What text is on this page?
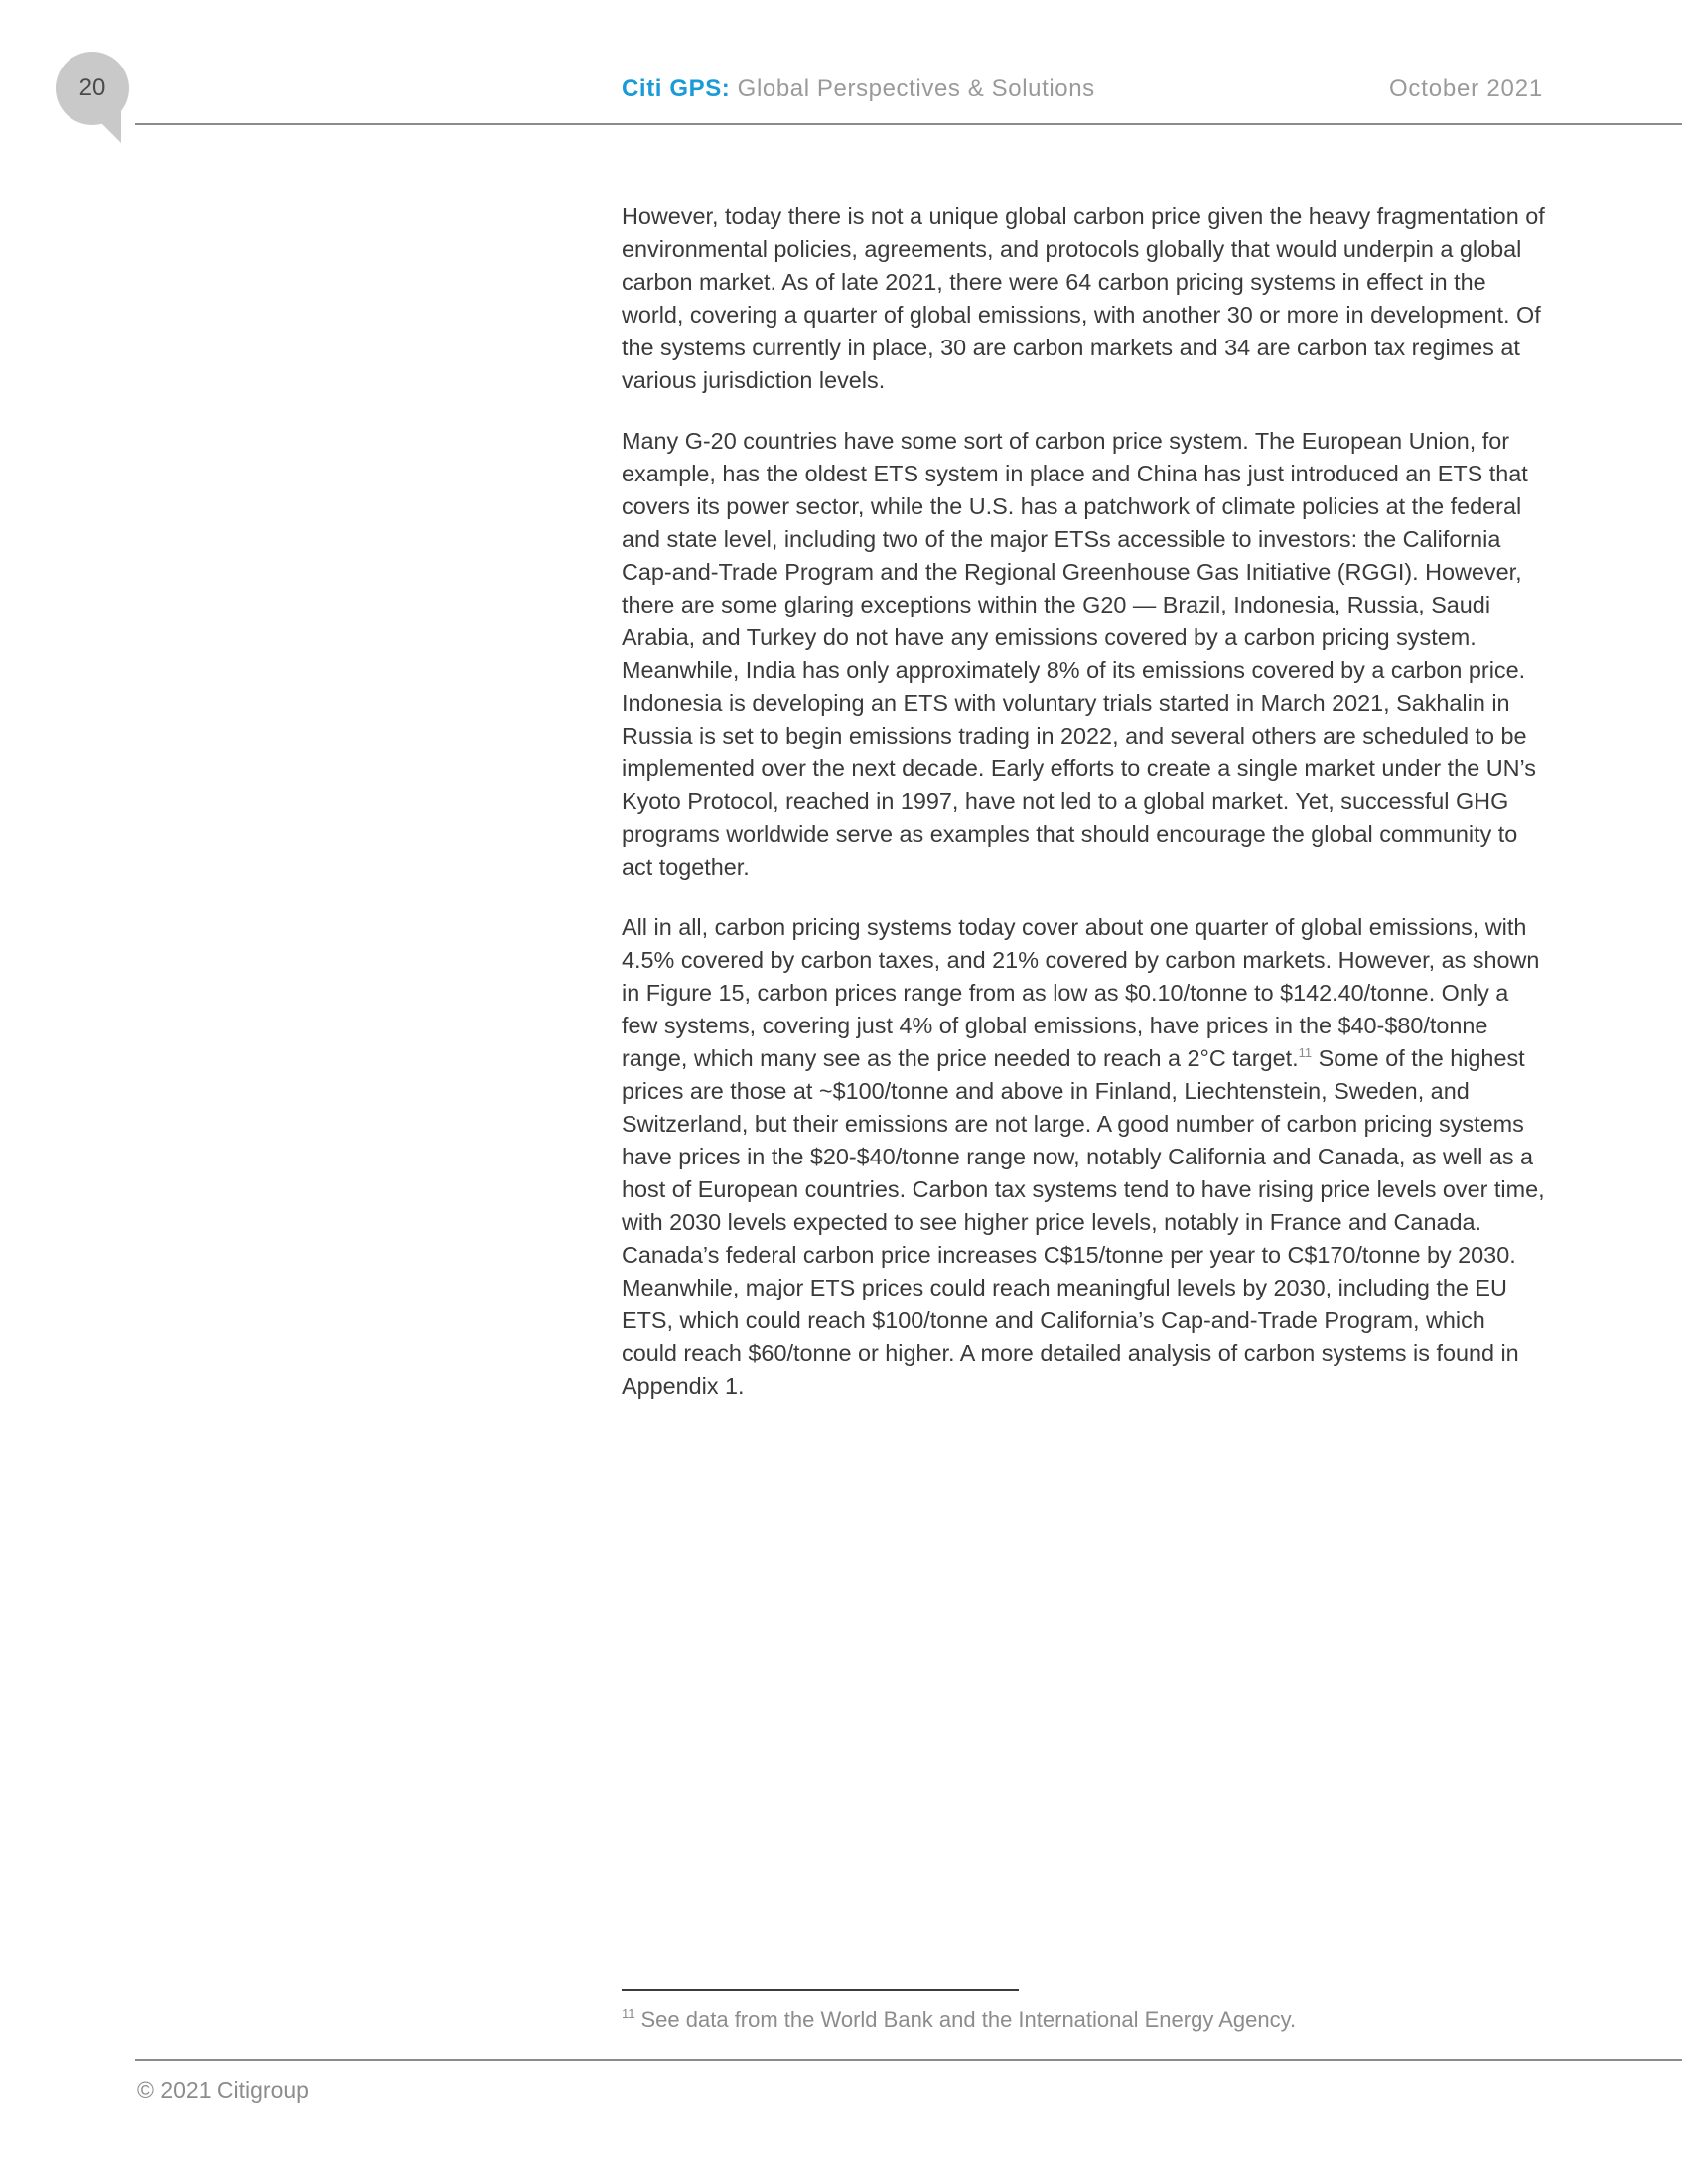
20	Citi GPS: Global Perspectives & Solutions	October 2021

However, today there is not a unique global carbon price given the heavy fragmentation of environmental policies, agreements, and protocols globally that would underpin a global carbon market. As of late 2021, there were 64 carbon pricing systems in effect in the world, covering a quarter of global emissions, with another 30 or more in development. Of the systems currently in place, 30 are carbon markets and 34 are carbon tax regimes at various jurisdiction levels.

Many G-20 countries have some sort of carbon price system. The European Union, for example, has the oldest ETS system in place and China has just introduced an ETS that covers its power sector, while the U.S. has a patchwork of climate policies at the federal and state level, including two of the major ETSs accessible to investors: the California Cap-and-Trade Program and the Regional Greenhouse Gas Initiative (RGGI). However, there are some glaring exceptions within the G20 — Brazil, Indonesia, Russia, Saudi Arabia, and Turkey do not have any emissions covered by a carbon pricing system. Meanwhile, India has only approximately 8% of its emissions covered by a carbon price. Indonesia is developing an ETS with voluntary trials started in March 2021, Sakhalin in Russia is set to begin emissions trading in 2022, and several others are scheduled to be implemented over the next decade. Early efforts to create a single market under the UN’s Kyoto Protocol, reached in 1997, have not led to a global market. Yet, successful GHG programs worldwide serve as examples that should encourage the global community to act together.

All in all, carbon pricing systems today cover about one quarter of global emissions, with 4.5% covered by carbon taxes, and 21% covered by carbon markets. However, as shown in Figure 15, carbon prices range from as low as $0.10/tonne to $142.40/tonne. Only a few systems, covering just 4% of global emissions, have prices in the $40-$80/tonne range, which many see as the price needed to reach a 2°C target.$^{11}$ Some of the highest prices are those at ~$100/tonne and above in Finland, Liechtenstein, Sweden, and Switzerland, but their emissions are not large. A good number of carbon pricing systems have prices in the $20-$40/tonne range now, notably California and Canada, as well as a host of European countries. Carbon tax systems tend to have rising price levels over time, with 2030 levels expected to see higher price levels, notably in France and Canada. Canada’s federal carbon price increases C$15/tonne per year to C$170/tonne by 2030. Meanwhile, major ETS prices could reach meaningful levels by 2030, including the EU ETS, which could reach $100/tonne and California’s Cap-and-Trade Program, which could reach $60/tonne or higher. A more detailed analysis of carbon systems is found in Appendix 1.

$^{11}$ See data from the World Bank and the International Energy Agency.
© 2021 Citigroup
